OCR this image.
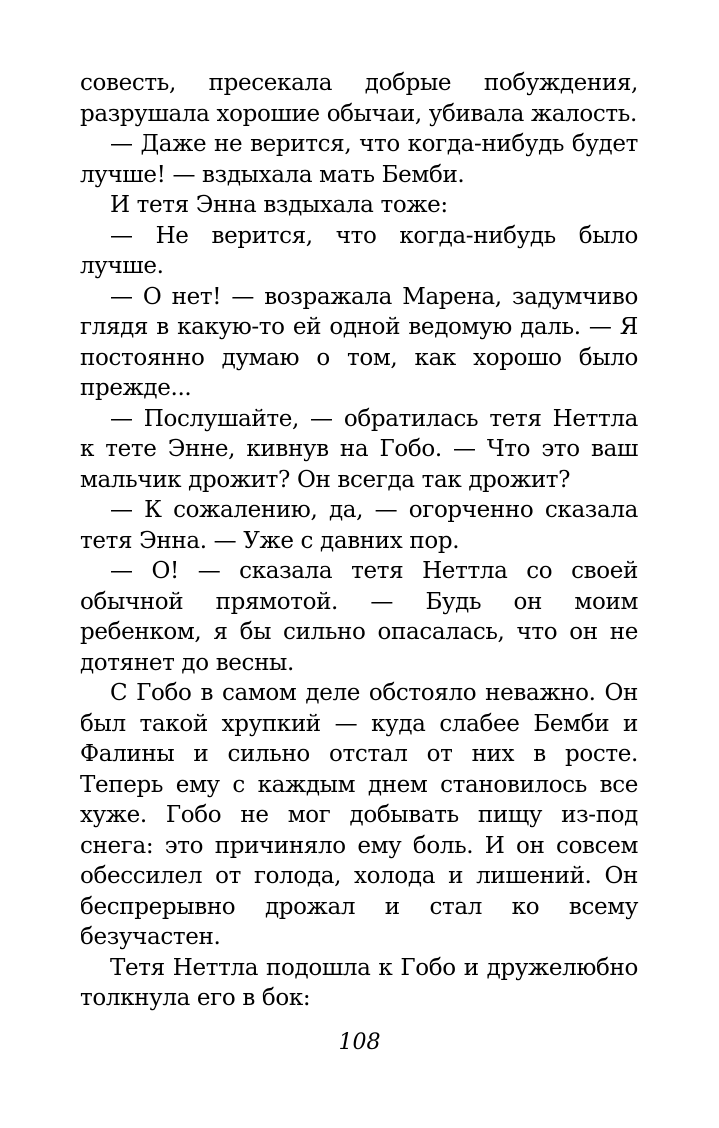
совесть, пресекала добрые побуждения, разрушала хорошие обычаи, убивала жалость.

— Даже не верится, что когда-нибудь будет лучше! — вздыхала мать Бемби.

И тетя Энна вздыхала тоже:

— Не верится, что когда-нибудь было лучше.

— О нет! — возражала Марена, задумчиво глядя в какую-то ей одной ведомую даль. — Я постоянно думаю о том, как хорошо было прежде...

— Послушайте, — обратилась тетя Неттла к тете Энне, кивнув на Гобо. — Что это ваш мальчик дрожит? Он всегда так дрожит?

— К сожалению, да, — огорченно сказала тетя Энна. — Уже с давних пор.

— О! — сказала тетя Неттла со своей обычной прямотой. — Будь он моим ребенком, я бы сильно опасалась, что он не дотянет до весны.

С Гобо в самом деле обстояло неважно. Он был такой хрупкий — куда слабее Бемби и Фалины и сильно отстал от них в росте. Теперь ему с каждым днем становилось все хуже. Гобо не мог добывать пищу из-под снега: это причиняло ему боль. И он совсем обессилел от голода, холода и лишений. Он беспрерывно дрожал и стал ко всему безучастен.

Тетя Неттла подошла к Гобо и дружелюбно толкнула его в бок:

108
